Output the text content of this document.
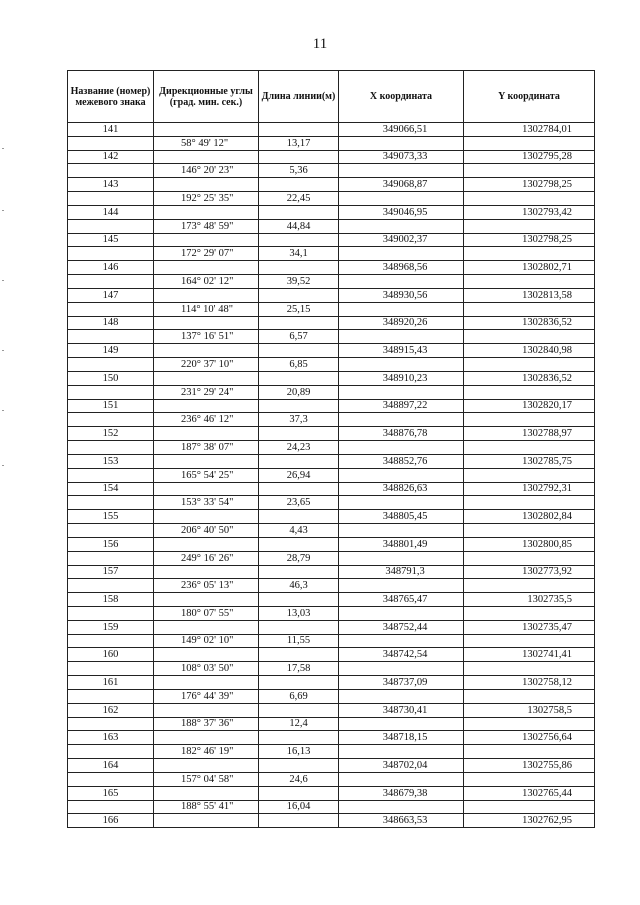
11
Название (номер) межевого знака	Дирекционные углы (град. мин. сек.)	Длина линии(м)	X координата	Y координата
141			349066,51	1302784,01
	58° 49' 12"	13,17		
142			349073,33	1302795,28
	146° 20' 23"	5,36		
143			349068,87	1302798,25
	192° 25' 35"	22,45		
144			349046,95	1302793,42
	173° 48' 59"	44,84		
145			349002,37	1302798,25
	172° 29' 07"	34,1		
146			348968,56	1302802,71
	164° 02' 12"	39,52		
147			348930,56	1302813,58
	114° 10' 48"	25,15		
148			348920,26	1302836,52
	137° 16' 51"	6,57		
149			348915,43	1302840,98
	220° 37' 10"	6,85		
150			348910,23	1302836,52
	231° 29' 24"	20,89		
151			348897,22	1302820,17
	236° 46' 12"	37,3		
152			348876,78	1302788,97
	187° 38' 07"	24,23		
153			348852,76	1302785,75
	165° 54' 25"	26,94		
154			348826,63	1302792,31
	153° 33' 54"	23,65		
155			348805,45	1302802,84
	206° 40' 50"	4,43		
156			348801,49	1302800,85
	249° 16' 26"	28,79		
157			348791,3	1302773,92
	236° 05' 13"	46,3		
158			348765,47	1302735,5
	180° 07' 55"	13,03		
159			348752,44	1302735,47
	149° 02' 10"	11,55		
160			348742,54	1302741,41
	108° 03' 50"	17,58		
161			348737,09	1302758,12
	176° 44' 39"	6,69		
162			348730,41	1302758,5
	188° 37' 36"	12,4		
163			348718,15	1302756,64
	182° 46' 19"	16,13		
164			348702,04	1302755,86
	157° 04' 58"	24,6		
165			348679,38	1302765,44
	188° 55' 41"	16,04		
166			348663,53	1302762,95
